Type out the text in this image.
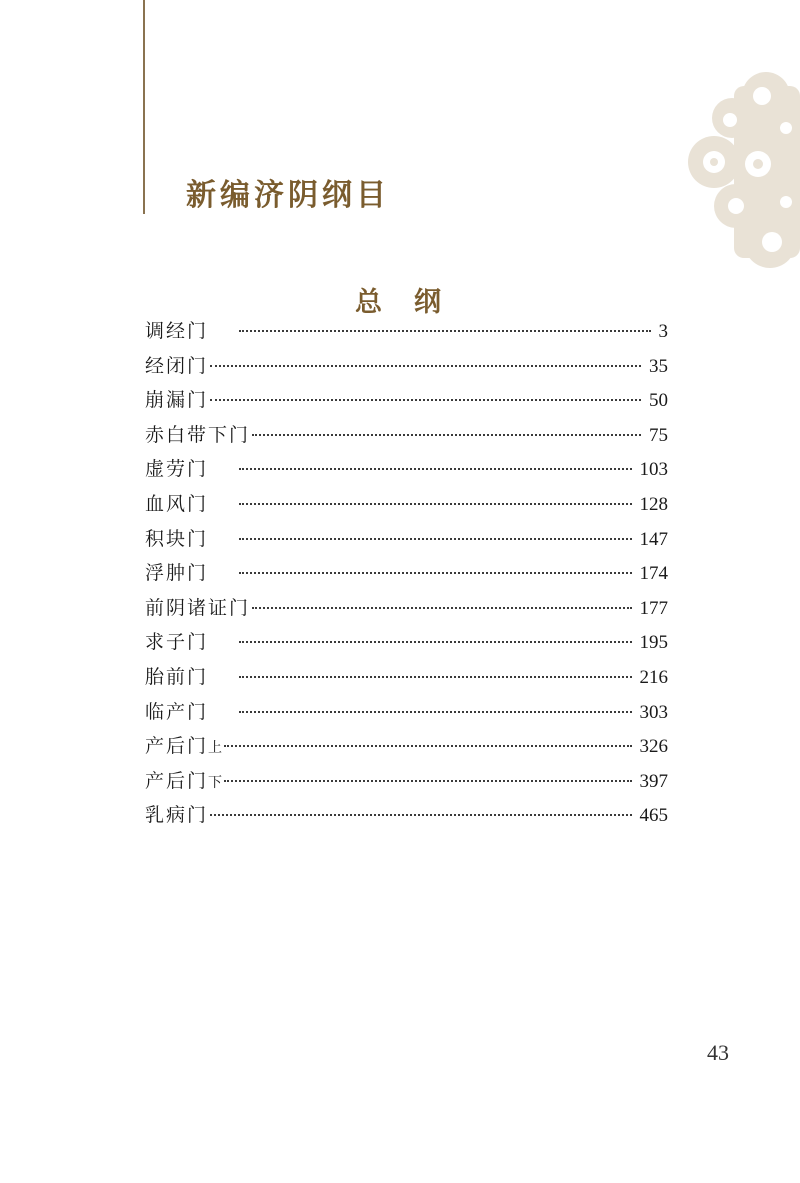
新编济阴纲目
总 纲
调经门	3
经闭门	35
崩漏门	50
赤白带下门	75
虚劳门	103
血风门	128
积块门	147
浮肿门	174
前阴诸证门	177
求子门	195
胎前门	216
临产门	303
产后门上	326
产后门下	397
乳病门	465
43
